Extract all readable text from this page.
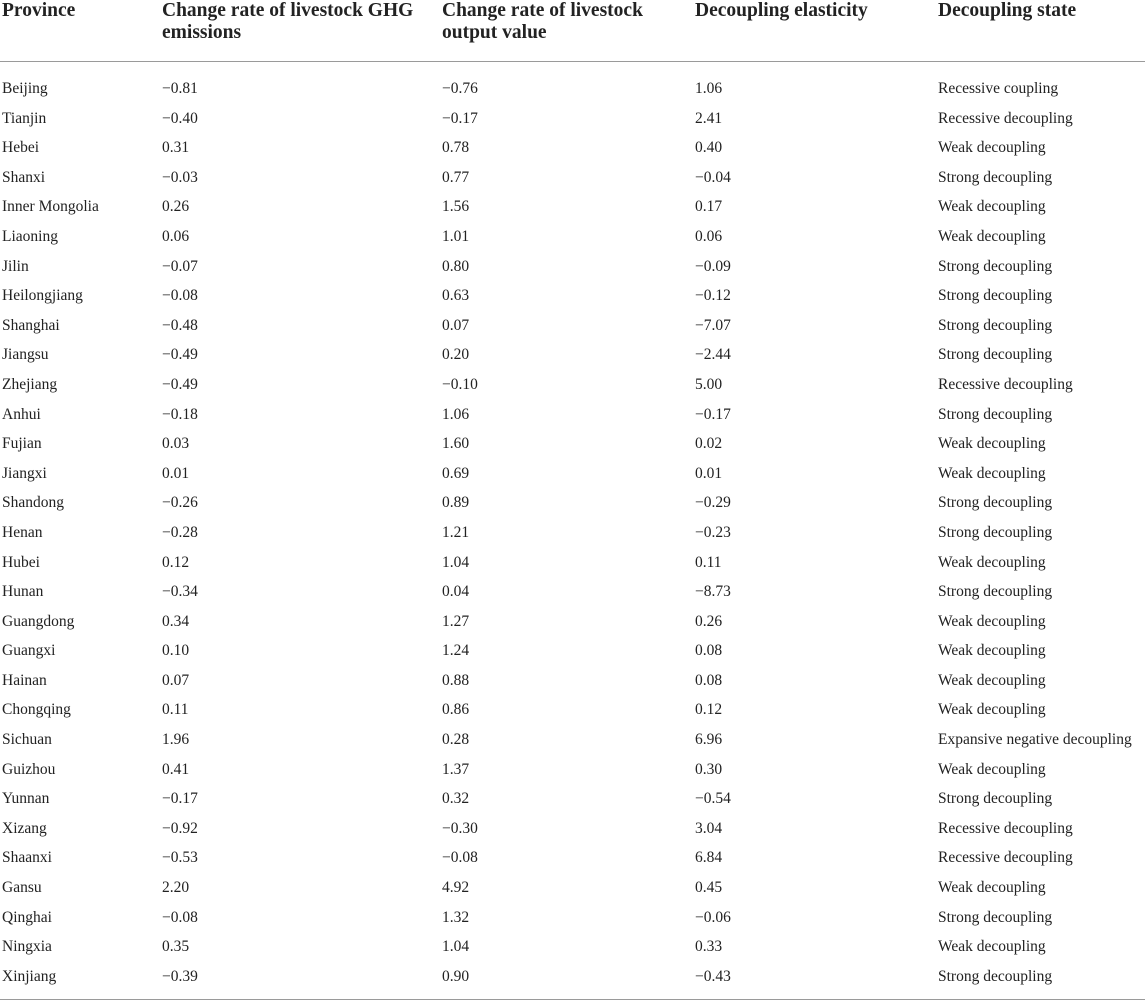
Province	Change rate of livestock GHG emissions	Change rate of livestock output value	Decoupling elasticity	Decoupling state

Beijing	−0.81	−0.76	1.06	Recessive coupling
Tianjin	−0.40	−0.17	2.41	Recessive decoupling
Hebei	0.31	0.78	0.40	Weak decoupling
Shanxi	−0.03	0.77	−0.04	Strong decoupling
Inner Mongolia	0.26	1.56	0.17	Weak decoupling
Liaoning	0.06	1.01	0.06	Weak decoupling
Jilin	−0.07	0.80	−0.09	Strong decoupling
Heilongjiang	−0.08	0.63	−0.12	Strong decoupling
Shanghai	−0.48	0.07	−7.07	Strong decoupling
Jiangsu	−0.49	0.20	−2.44	Strong decoupling
Zhejiang	−0.49	−0.10	5.00	Recessive decoupling
Anhui	−0.18	1.06	−0.17	Strong decoupling
Fujian	0.03	1.60	0.02	Weak decoupling
Jiangxi	0.01	0.69	0.01	Weak decoupling
Shandong	−0.26	0.89	−0.29	Strong decoupling
Henan	−0.28	1.21	−0.23	Strong decoupling
Hubei	0.12	1.04	0.11	Weak decoupling
Hunan	−0.34	0.04	−8.73	Strong decoupling
Guangdong	0.34	1.27	0.26	Weak decoupling
Guangxi	0.10	1.24	0.08	Weak decoupling
Hainan	0.07	0.88	0.08	Weak decoupling
Chongqing	0.11	0.86	0.12	Weak decoupling
Sichuan	1.96	0.28	6.96	Expansive negative decoupling
Guizhou	0.41	1.37	0.30	Weak decoupling
Yunnan	−0.17	0.32	−0.54	Strong decoupling
Xizang	−0.92	−0.30	3.04	Recessive decoupling
Shaanxi	−0.53	−0.08	6.84	Recessive decoupling
Gansu	2.20	4.92	0.45	Weak decoupling
Qinghai	−0.08	1.32	−0.06	Strong decoupling
Ningxia	0.35	1.04	0.33	Weak decoupling
Xinjiang	−0.39	0.90	−0.43	Strong decoupling
